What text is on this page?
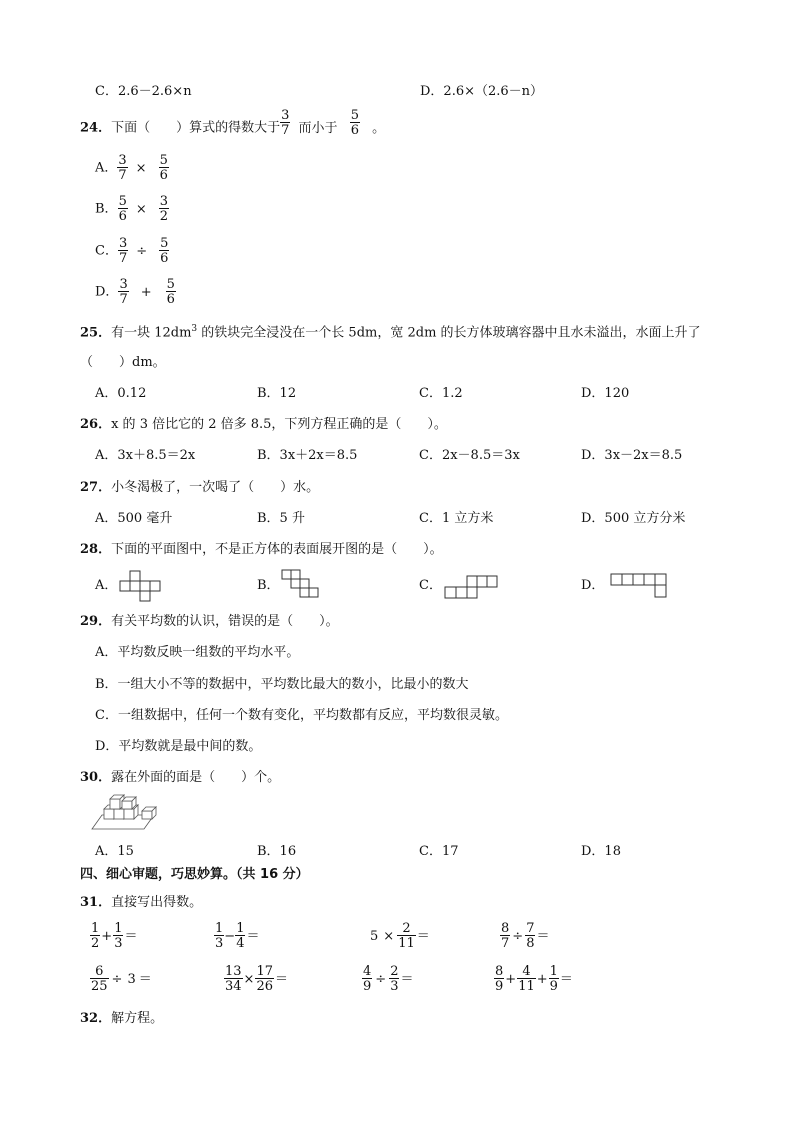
C．2.6－2.6×n	D．2.6×（2.6－n）
24．下面（　　）算式的得数大于 $\frac{3}{7}$ 而小于 $\frac{5}{6}$ 。
A． $\frac{3}{7} \times \frac{5}{6}$
B． $\frac{5}{6} \times \frac{3}{2}$
C． $\frac{3}{7} \div \frac{5}{6}$
D． $\frac{3}{7} + \frac{5}{6}$
25．有一块 $12dm^3$ 的铁块完全浸没在一个长 5dm，宽 2dm 的长方体玻璃容器中且水未溢出，水面上升了
（　　）dm。
A．0.12	B．12	C．1.2	D．120
26．x 的 3 倍比它的 2 倍多 8.5，下列方程正确的是（　　）。
A．3x＋8.5＝2x	B．3x＋2x＝8.5	C．2x－8.5＝3x	D．3x－2x＝8.5
27．小冬渴极了，一次喝了（　　）水。
A．500 毫升	B．5 升	C．1 立方米	D．500 立方分米
28．下面的平面图中，不是正方体的表面展开图的是（　　）。
A．	B．	C．	D．
29．有关平均数的认识，错误的是（　　）。
A．平均数反映一组数的平均水平。
B．一组大小不等的数据中，平均数比最大的数小，比最小的数大
C．一组数据中，任何一个数有变化，平均数都有反应，平均数很灵敏。
D．平均数就是最中间的数。
30．露在外面的面是（　　）个。
A．15	B．16	C．17	D．18
四、细心审题，巧思妙算。（共 16 分）
31．直接写出得数。
$\frac{1}{2} + \frac{1}{3}$ ＝	$\frac{1}{3} - \frac{1}{4}$ ＝	$5 \times \frac{2}{11}$ ＝	$\frac{8}{7} \div \frac{7}{8}$ ＝
$\frac{6}{25} \div 3$ ＝	$\frac{13}{34} \times \frac{17}{26}$ ＝	$\frac{4}{9} \div \frac{2}{3}$ ＝	$\frac{8}{9} + \frac{4}{11} + \frac{1}{9}$ ＝
32．解方程。
